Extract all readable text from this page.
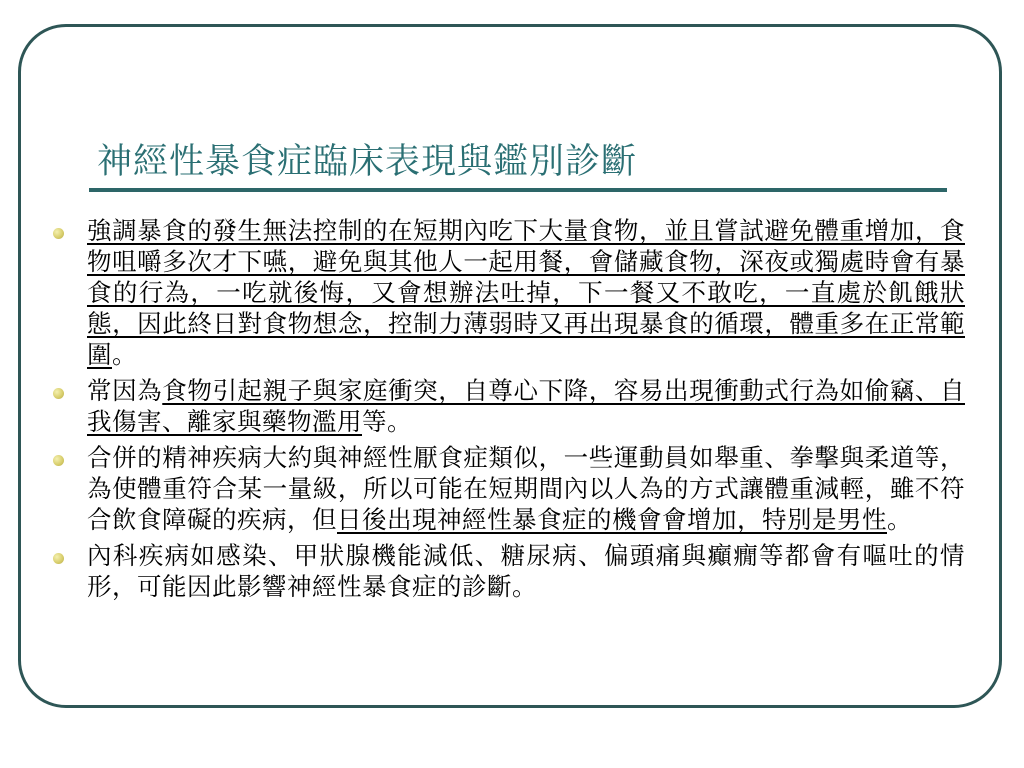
神經性暴食症臨床表現與鑑別診斷
強調暴食的發生無法控制的在短期內吃下大量食物，並且嘗試避免體重增加，食物咀嚼多次才下嚥，避免與其他人一起用餐，會儲藏食物，深夜或獨處時會有暴食的行為，一吃就後悔，又會想辦法吐掉，下一餐又不敢吃，一直處於飢餓狀態，因此終日對食物想念，控制力薄弱時又再出現暴食的循環，體重多在正常範圍。
常因為食物引起親子與家庭衝突，自尊心下降，容易出現衝動式行為如偷竊、自我傷害、離家與藥物濫用等。
合併的精神疾病大約與神經性厭食症類似，一些運動員如舉重、拳擊與柔道等，為使體重符合某一量級，所以可能在短期間內以人為的方式讓體重減輕，雖不符合飲食障礙的疾病，但日後出現神經性暴食症的機會會增加，特別是男性。
內科疾病如感染、甲狀腺機能減低、糖尿病、偏頭痛與癲癇等都會有嘔吐的情形，可能因此影響神經性暴食症的診斷。
